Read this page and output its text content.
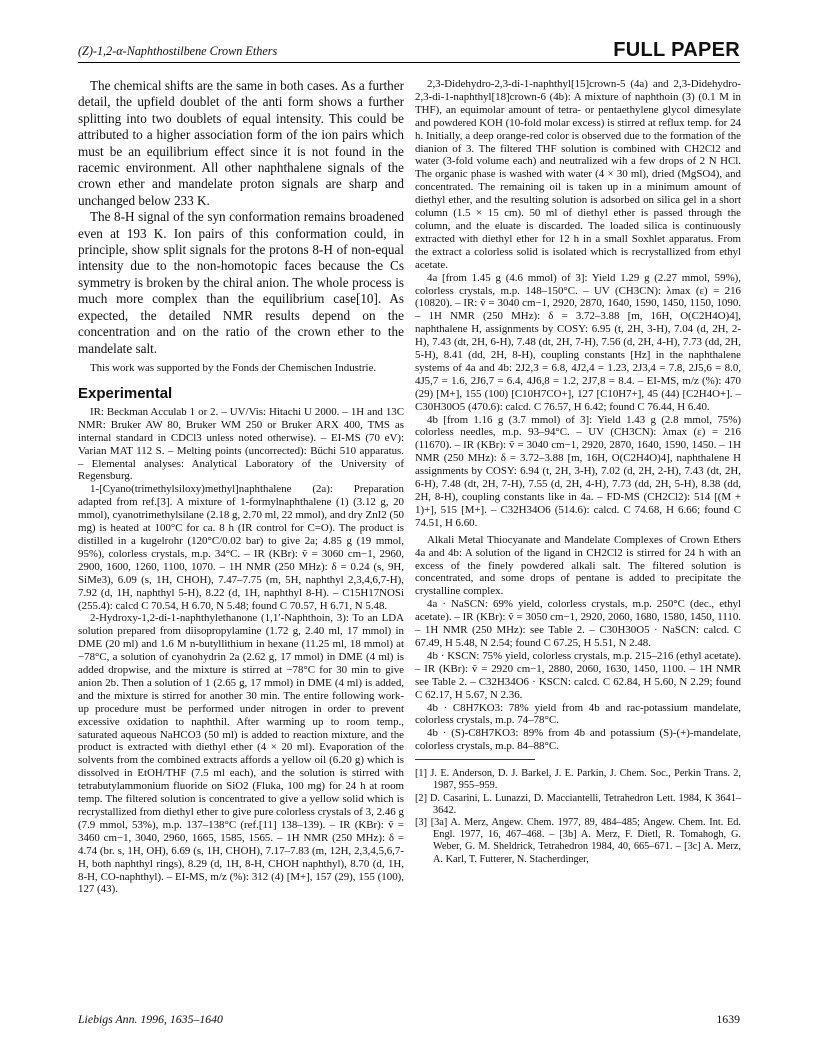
(Z)-1,2-α-Naphthostilbene Crown Ethers	FULL PAPER

The chemical shifts are the same in both cases. As a further detail, the upfield doublet of the anti form shows a further splitting into two doublets of equal intensity. This could be attributed to a higher association form of the ion pairs which must be an equilibrium effect since it is not found in the racemic environment. All other naphthalene signals of the crown ether and mandelate proton signals are sharp and unchanged below 233 K.

The 8-H signal of the syn conformation remains broadened even at 193 K. Ion pairs of this conformation could, in principle, show split signals for the protons 8-H of non-equal intensity due to the non-homotopic faces because the Cs symmetry is broken by the chiral anion. The whole process is much more complex than the equilibrium case[10]. As expected, the detailed NMR results depend on the concentration and on the ratio of the crown ether to the mandelate salt.

This work was supported by the Fonds der Chemischen Industrie.

Experimental

IR: Beckman Acculab 1 or 2. – UV/Vis: Hitachi U 2000. – 1H and 13C NMR: Bruker AW 80, Bruker WM 250 or Bruker ARX 400, TMS as internal standard in CDCl3 unless noted otherwise). – EI-MS (70 eV): Varian MAT 112 S. – Melting points (uncorrected): Büchi 510 apparatus. – Elemental analyses: Analytical Laboratory of the University of Regensburg.

1-[Cyano(trimethylsiloxy)methyl]naphthalene (2a): Preparation adapted from ref.[3]. A mixture of 1-formylnaphthalene (1) (3.12 g, 20 mmol), cyanotrimethylsilane (2.18 g, 2.70 ml, 22 mmol), and dry ZnI2 (50 mg) is heated at 100°C for ca. 8 h (IR control for C=O). The product is distilled in a kugelrohr (120°C/0.02 bar) to give 2a; 4.85 g (19 mmol, 95%), colorless crystals, m.p. 34°C. – IR (KBr): ṽ = 3060 cm−1, 2960, 2900, 1600, 1260, 1100, 1070. – 1H NMR (250 MHz): δ = 0.24 (s, 9H, SiMe3), 6.09 (s, 1H, CHOH), 7.47–7.75 (m, 5H, naphthyl 2,3,4,6,7-H), 7.92 (d, 1H, naphthyl 5-H), 8.22 (d, 1H, naphthyl 8-H). – C15H17NOSi (255.4): calcd C 70.54, H 6.70, N 5.48; found C 70.57, H 6.71, N 5.48.

2-Hydroxy-1,2-di-1-naphthylethanone (1,1′-Naphthoin, 3): To an LDA solution prepared from diisopropylamine (1.72 g, 2.40 ml, 17 mmol) in DME (20 ml) and 1.6 M n-butyllithium in hexane (11.25 ml, 18 mmol) at −78°C, a solution of cyanohydrin 2a (2.62 g, 17 mmol) in DME (4 ml) is added dropwise, and the mixture is stirred at −78°C for 30 min to give anion 2b. Then a solution of 1 (2.65 g, 17 mmol) in DME (4 ml) is added, and the mixture is stirred for another 30 min. The entire following work-up procedure must be performed under nitrogen in order to prevent excessive oxidation to naphthil. After warming up to room temp., saturated aqueous NaHCO3 (50 ml) is added to reaction mixture, and the product is extracted with diethyl ether (4 × 20 ml). Evaporation of the solvents from the combined extracts affords a yellow oil (6.20 g) which is dissolved in EtOH/THF (7.5 ml each), and the solution is stirred with tetrabutylammonium fluoride on SiO2 (Fluka, 100 mg) for 24 h at room temp. The filtered solution is concentrated to give a yellow solid which is recrystallized from diethyl ether to give pure colorless crystals of 3, 2.46 g (7.9 mmol, 53%), m.p. 137–138°C (ref.[11] 138–139). – IR (KBr): ṽ = 3460 cm−1, 3040, 2960, 1665, 1585, 1565. – 1H NMR (250 MHz): δ = 4.74 (br. s, 1H, OH), 6.69 (s, 1H, CHOH), 7.17–7.83 (m, 12H, 2,3,4,5,6,7-H, both naphthyl rings), 8.29 (d, 1H, 8-H, CHOH naphthyl), 8.70 (d, 1H, 8-H, CO-naphthyl). – EI-MS, m/z (%): 312 (4) [M+], 157 (29), 155 (100), 127 (43).

2,3-Didehydro-2,3-di-1-naphthyl[15]crown-5 (4a) and 2,3-Didehydro-2,3-di-1-naphthyl[18]crown-6 (4b): A mixture of naphthoin (3) (0.1 M in THF), an equimolar amount of tetra- or pentaethylene glycol dimesylate and powdered KOH (10-fold molar excess) is stirred at reflux temp. for 24 h. Initially, a deep orange-red color is observed due to the formation of the dianion of 3. The filtered THF solution is combined with CH2Cl2 and water (3-fold volume each) and neutralized wih a few drops of 2 N HCl. The organic phase is washed with water (4 × 30 ml), dried (MgSO4), and concentrated. The remaining oil is taken up in a minimum amount of diethyl ether, and the resulting solution is adsorbed on silica gel in a short column (1.5 × 15 cm). 50 ml of diethyl ether is passed through the column, and the eluate is discarded. The loaded silica is continuously extracted with diethyl ether for 12 h in a small Soxhlet apparatus. From the extract a colorless solid is isolated which is recrystallized from ethyl acetate.

4a [from 1.45 g (4.6 mmol) of 3]: Yield 1.29 g (2.27 mmol, 59%), colorless crystals, m.p. 148–150°C. – UV (CH3CN): λmax (ε) = 216 (10820). – IR: ṽ = 3040 cm−1, 2920, 2870, 1640, 1590, 1450, 1150, 1090. – 1H NMR (250 MHz): δ = 3.72–3.88 [m, 16H, O(C2H4O)4], naphthalene H, assignments by COSY: 6.95 (t, 2H, 3-H), 7.04 (d, 2H, 2-H), 7.43 (dt, 2H, 6-H), 7.48 (dt, 2H, 7-H), 7.56 (d, 2H, 4-H), 7.73 (dd, 2H, 5-H), 8.41 (dd, 2H, 8-H), coupling constants [Hz] in the naphthalene systems of 4a and 4b: 2J2,3 = 6.8, 4J2,4 = 1.23, 2J3,4 = 7.8, 2J5,6 = 8.0, 4J5,7 = 1.6, 2J6,7 = 6.4, 4J6,8 = 1.2, 2J7,8 = 8.4. – EI-MS, m/z (%): 470 (29) [M+], 155 (100) [C10H7CO+], 127 [C10H7+], 45 (44) [C2H4O+]. – C30H30O5 (470.6): calcd. C 76.57, H 6.42; found C 76.44, H 6.40.

4b [from 1.16 g (3.7 mmol) of 3]: Yield 1.43 g (2.8 mmol, 75%) colorless needles, m.p. 93–94°C. – UV (CH3CN): λmax (ε) = 216 (11670). – IR (KBr): ṽ = 3040 cm−1, 2920, 2870, 1640, 1590, 1450. – 1H NMR (250 MHz): δ = 3.72–3.88 [m, 16H, O(C2H4O)4], naphthalene H assignments by COSY: 6.94 (t, 2H, 3-H), 7.02 (d, 2H, 2-H), 7.43 (dt, 2H, 6-H), 7.48 (dt, 2H, 7-H), 7.55 (d, 2H, 4-H), 7.73 (dd, 2H, 5-H), 8.38 (dd, 2H, 8-H), coupling constants like in 4a. – FD-MS (CH2Cl2): 514 [(M + 1)+], 515 [M+]. – C32H34O6 (514.6): calcd. C 74.68, H 6.66; found C 74.51, H 6.60.

Alkali Metal Thiocyanate and Mandelate Complexes of Crown Ethers 4a and 4b: A solution of the ligand in CH2Cl2 is stirred for 24 h with an excess of the finely powdered alkali salt. The filtered solution is concentrated, and some drops of pentane is added to precipitate the crystalline complex.

4a · NaSCN: 69% yield, colorless crystals, m.p. 250°C (dec., ethyl acetate). – IR (KBr): ṽ = 3050 cm−1, 2920, 2060, 1680, 1580, 1450, 1110. – 1H NMR (250 MHz): see Table 2. – C30H30O5 · NaSCN: calcd. C 67.49, H 5.48, N 2.54; found C 67.25, H 5.51, N 2.48.

4b · KSCN: 75% yield, colorless crystals, m.p. 215–216 (ethyl acetate). – IR (KBr): ṽ = 2920 cm−1, 2880, 2060, 1630, 1450, 1100. – 1H NMR see Table 2. – C32H34O6 · KSCN: calcd. C 62.84, H 5.60, N 2.29; found C 62.17, H 5.67, N 2.36.

4b · C8H7KO3: 78% yield from 4b and rac-potassium mandelate, colorless crystals, m.p. 74–78°C.

4b · (S)-C8H7KO3: 89% from 4b and potassium (S)-(+)-mandelate, colorless crystals, m.p. 84–88°C.

[1] J. E. Anderson, D. J. Barkel, J. E. Parkin, J. Chem. Soc., Perkin Trans. 2, 1987, 955–959.
[2] D. Casarini, L. Lunazzi, D. Macciantelli, Tetrahedron Lett. 1984, K 3641–3642.
[3] [3a] A. Merz, Angew. Chem. 1977, 89, 484–485; Angew. Chem. Int. Ed. Engl. 1977, 16, 467–468. – [3b] A. Merz, F. Dietl, R. Tomahogh, G. Weber, G. M. Sheldrick, Tetrahedron 1984, 40, 665–671. – [3c] A. Merz, A. Karl, T. Futterer, N. Stacherdinger,
Liebigs Ann. 1996, 1635–1640	1639
